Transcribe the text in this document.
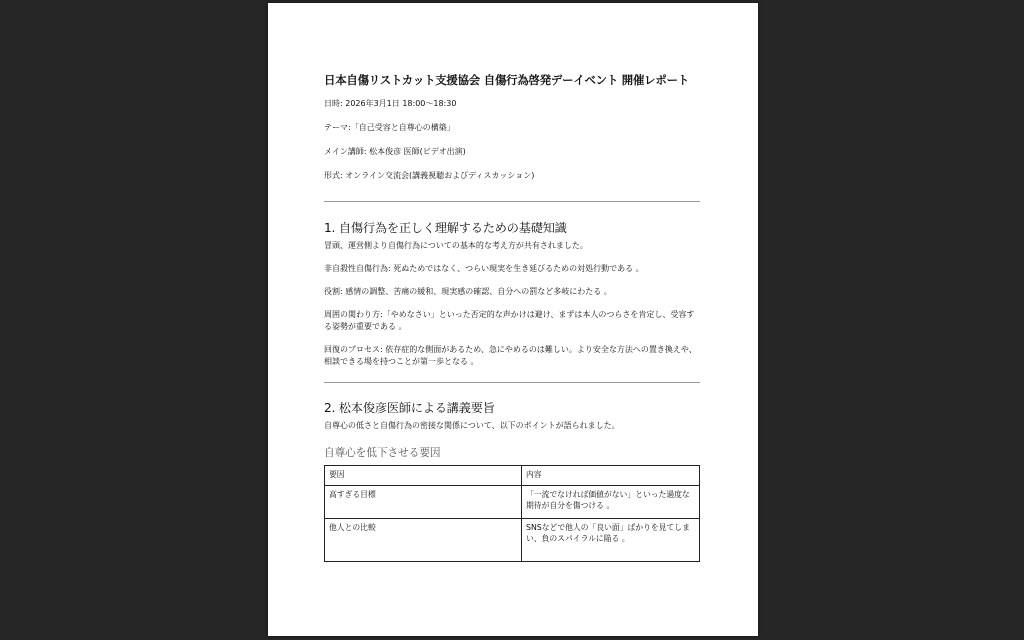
日本自傷リストカット支援協会 自傷行為啓発デーイベント 開催レポート

日時: 2026年3月1日 18:00〜18:30

テーマ:「自己受容と自尊心の構築」

メイン講師: 松本俊彦 医師(ビデオ出演)

形式: オンライン交流会(講義視聴およびディスカッション)

1. 自傷行為を正しく理解するための基礎知識

冒頭、運営側より自傷行為についての基本的な考え方が共有されました。

非自殺性自傷行為: 死ぬためではなく、つらい現実を生き延びるための対処行動である 。

役割: 感情の調整、苦痛の緩和、現実感の確認、自分への罰など多岐にわたる 。

周囲の関わり方:「やめなさい」といった否定的な声かけは避け、まずは本人のつらさを肯定し、受容する姿勢が重要である 。

回復のプロセス: 依存症的な側面があるため、急にやめるのは難しい。より安全な方法への置き換えや、相談できる場を持つことが第一歩となる 。

2. 松本俊彦医師による講義要旨

自尊心の低さと自傷行為の密接な関係について、以下のポイントが語られました。

自尊心を低下させる要因
要因	内容
高すぎる目標	「一流でなければ価値がない」といった過度な期待が自分を傷つける 。
他人との比較	SNSなどで他人の「良い面」ばかりを見てしまい、負のスパイラルに陥る 。
